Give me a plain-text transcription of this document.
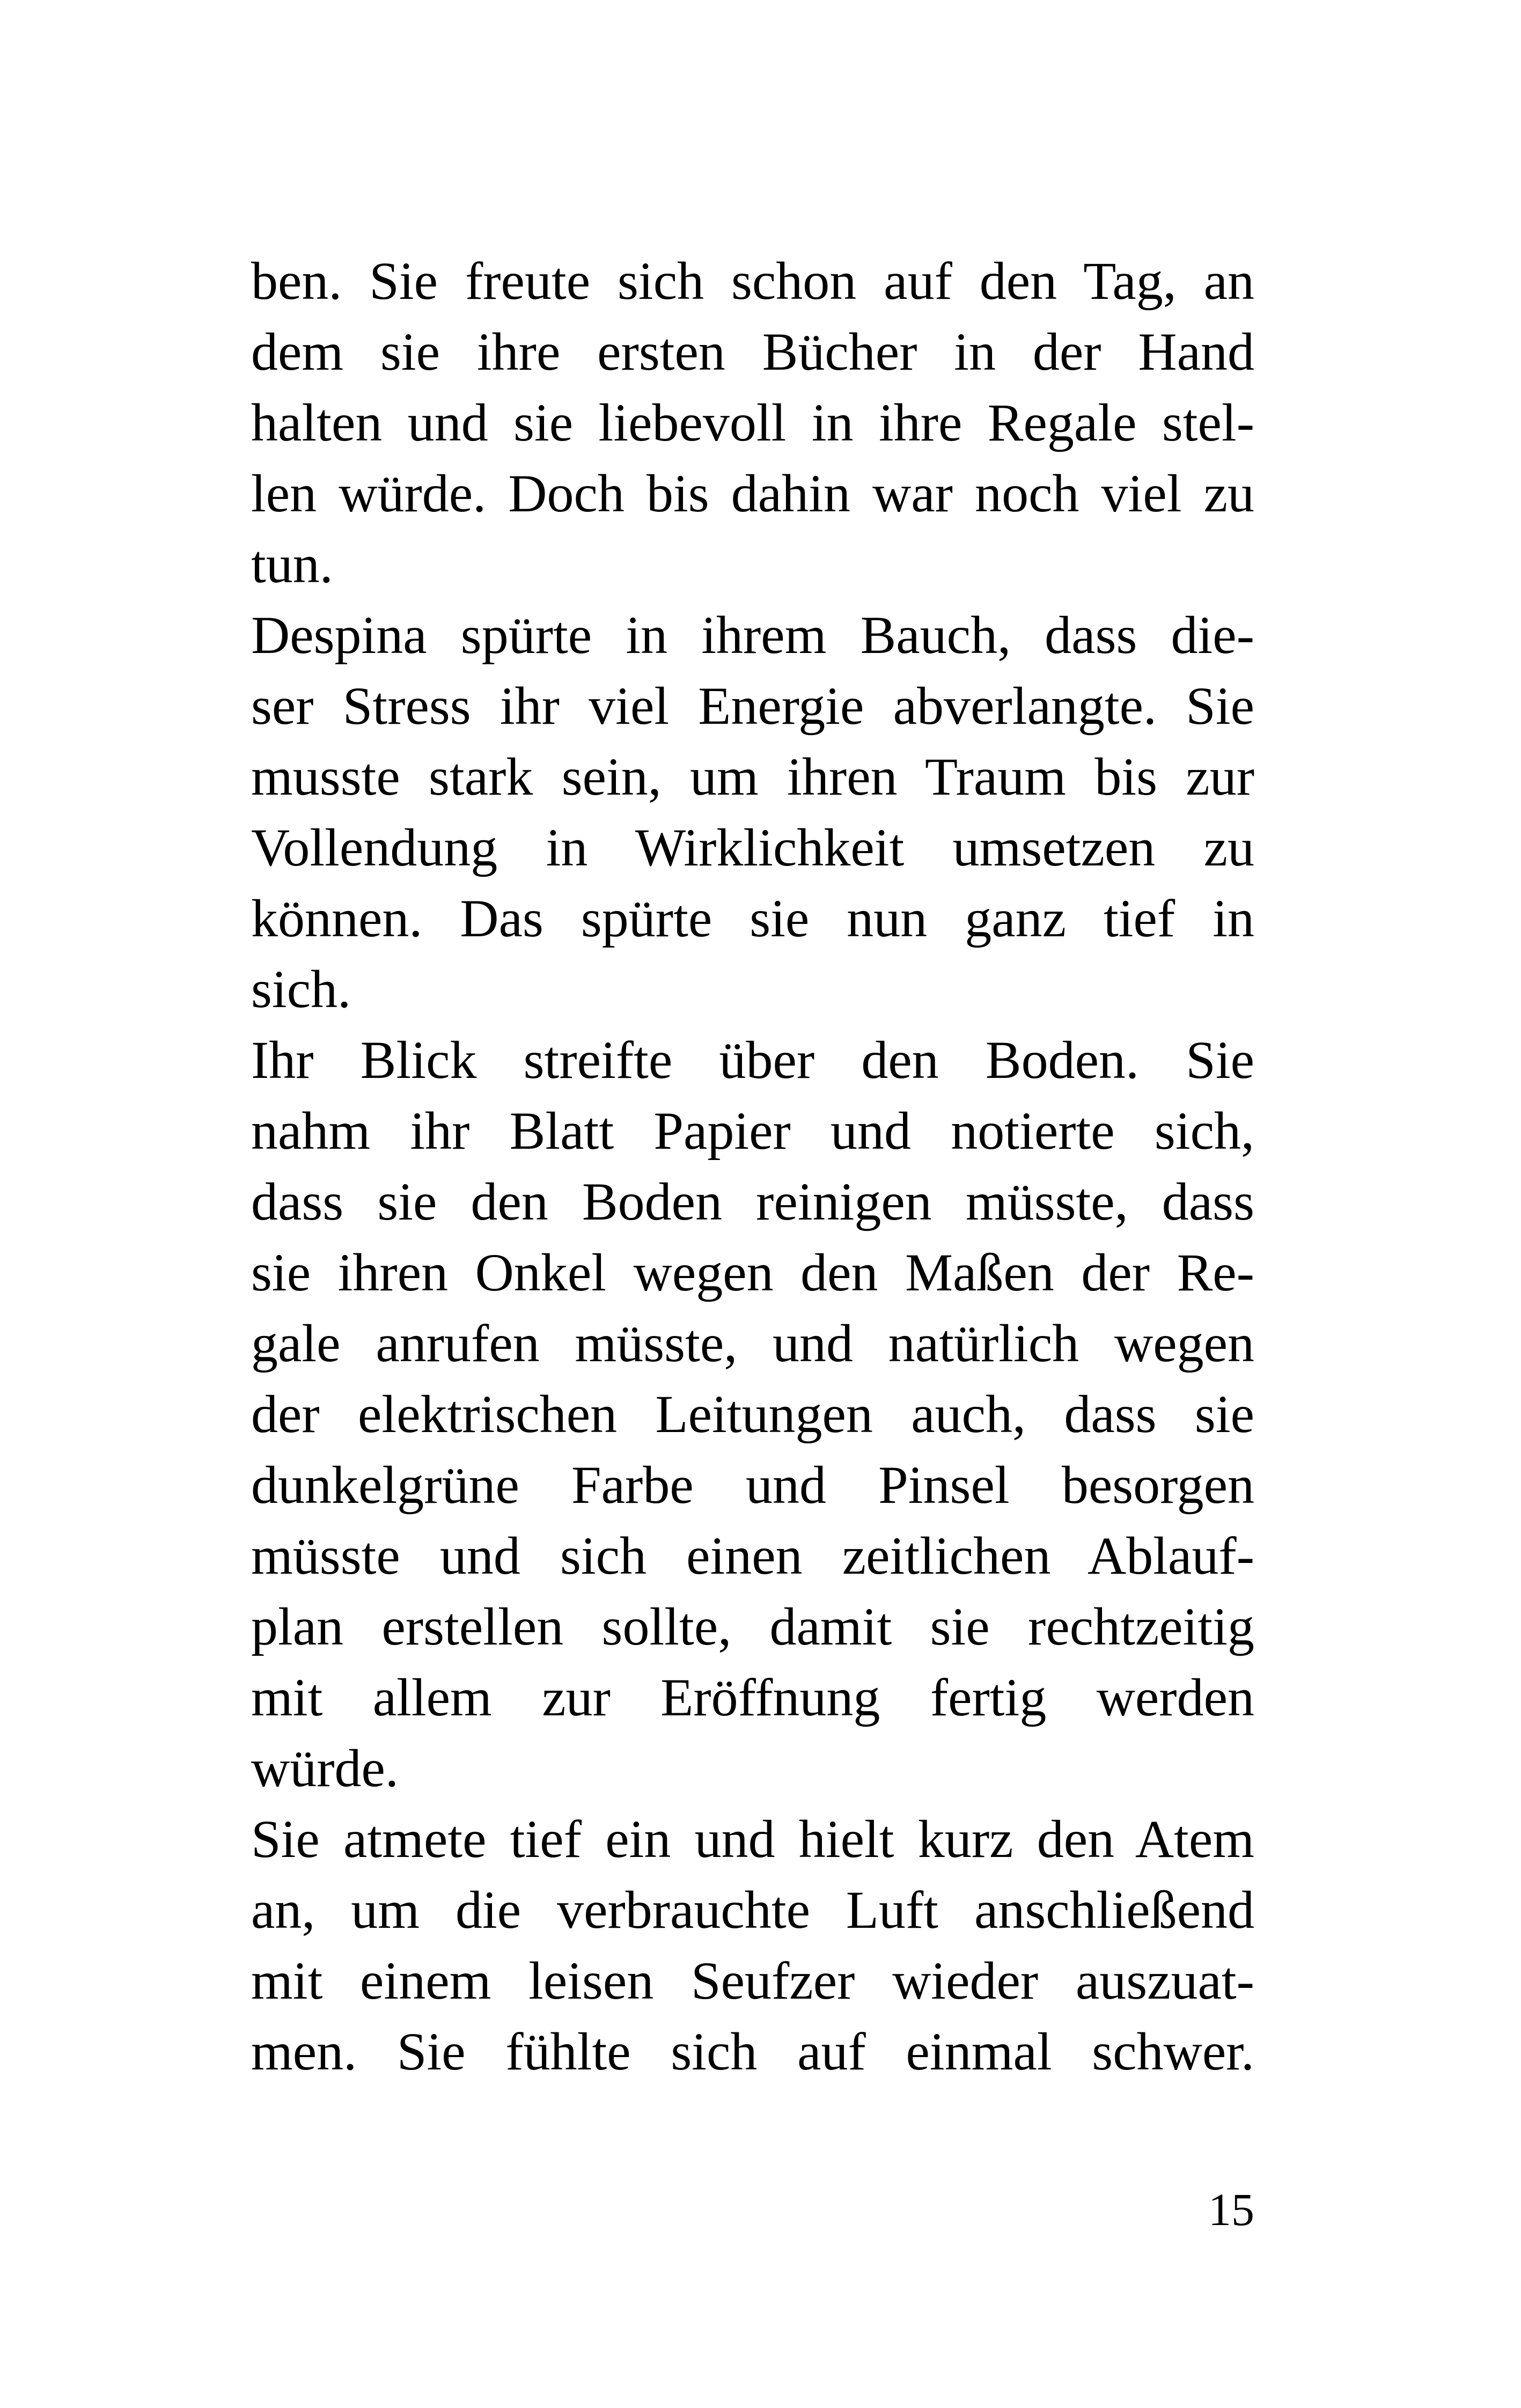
ben. Sie freute sich schon auf den Tag, an
dem sie ihre ersten Bücher in der Hand
halten und sie liebevoll in ihre Regale stel-
len würde. Doch bis dahin war noch viel zu
tun.
Despina spürte in ihrem Bauch, dass die-
ser Stress ihr viel Energie abverlangte. Sie
musste stark sein, um ihren Traum bis zur
Vollendung in Wirklichkeit umsetzen zu
können. Das spürte sie nun ganz tief in
sich.
Ihr Blick streifte über den Boden. Sie
nahm ihr Blatt Papier und notierte sich,
dass sie den Boden reinigen müsste, dass
sie ihren Onkel wegen den Maßen der Re-
gale anrufen müsste, und natürlich wegen
der elektrischen Leitungen auch, dass sie
dunkelgrüne Farbe und Pinsel besorgen
müsste und sich einen zeitlichen Ablauf-
plan erstellen sollte, damit sie rechtzeitig
mit allem zur Eröffnung fertig werden
würde.
Sie atmete tief ein und hielt kurz den Atem
an, um die verbrauchte Luft anschließend
mit einem leisen Seufzer wieder auszuat-
men. Sie fühlte sich auf einmal schwer.
15
